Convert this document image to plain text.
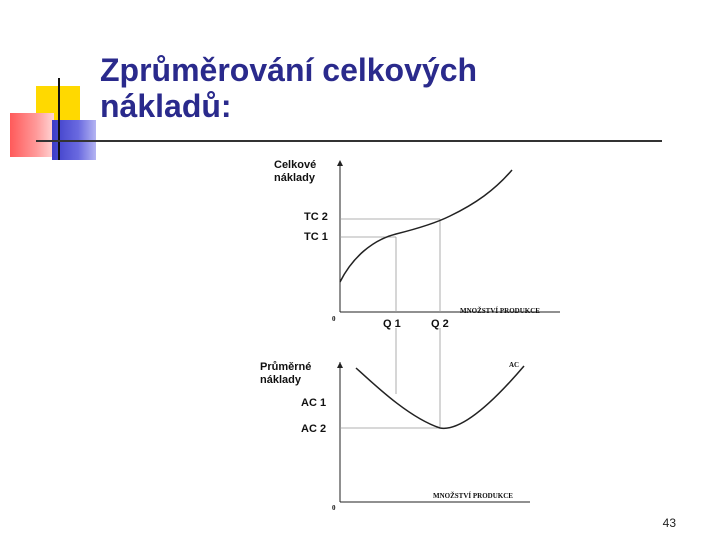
Zprůměrování celkových
nákladů:
Celkové
náklady
TC 2
TC 1
Q 1	Q 2
MNOŽSTVÍ PRODUKCE
0
Průměrné
náklady
AC 1
AC 2
MNOŽSTVÍ PRODUKCE
AC
0
43
